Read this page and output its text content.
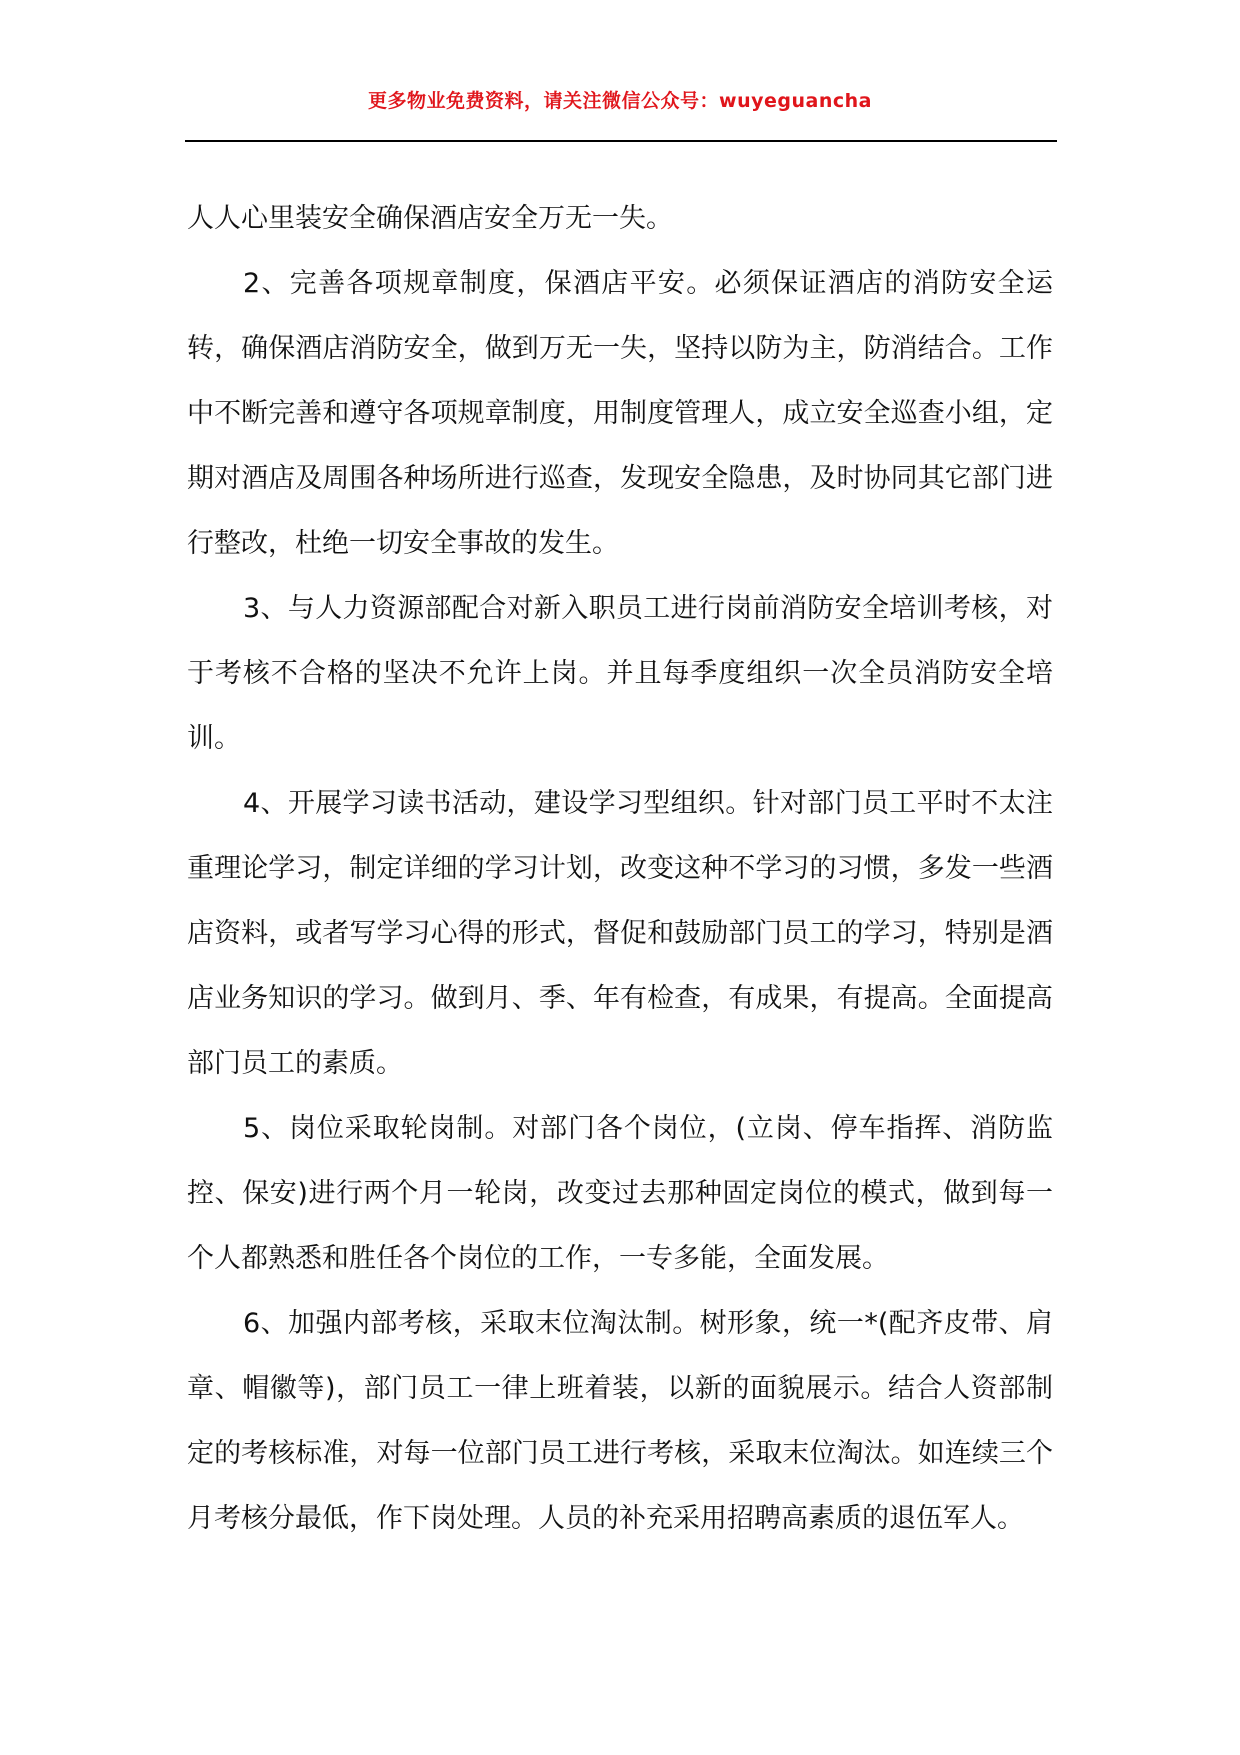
更多物业免费资料，请关注微信公众号：wuyeguancha

人人心里装安全确保酒店安全万无一失。

2、完善各项规章制度，保酒店平安。必须保证酒店的消防安全运转，确保酒店消防安全，做到万无一失，坚持以防为主，防消结合。工作中不断完善和遵守各项规章制度，用制度管理人，成立安全巡查小组，定期对酒店及周围各种场所进行巡查，发现安全隐患，及时协同其它部门进行整改，杜绝一切安全事故的发生。

3、与人力资源部配合对新入职员工进行岗前消防安全培训考核，对于考核不合格的坚决不允许上岗。并且每季度组织一次全员消防安全培训。

4、开展学习读书活动，建设学习型组织。针对部门员工平时不太注重理论学习，制定详细的学习计划，改变这种不学习的习惯，多发一些酒店资料，或者写学习心得的形式，督促和鼓励部门员工的学习，特别是酒店业务知识的学习。做到月、季、年有检查，有成果，有提高。全面提高部门员工的素质。

5、岗位采取轮岗制。对部门各个岗位，(立岗、停车指挥、消防监控、保安)进行两个月一轮岗，改变过去那种固定岗位的模式，做到每一个人都熟悉和胜任各个岗位的工作，一专多能，全面发展。

6、加强内部考核，采取末位淘汰制。树形象，统一*(配齐皮带、肩章、帽徽等)，部门员工一律上班着装，以新的面貌展示。结合人资部制定的考核标准，对每一位部门员工进行考核，采取末位淘汰。如连续三个月考核分最低，作下岗处理。人员的补充采用招聘高素质的退伍军人。
